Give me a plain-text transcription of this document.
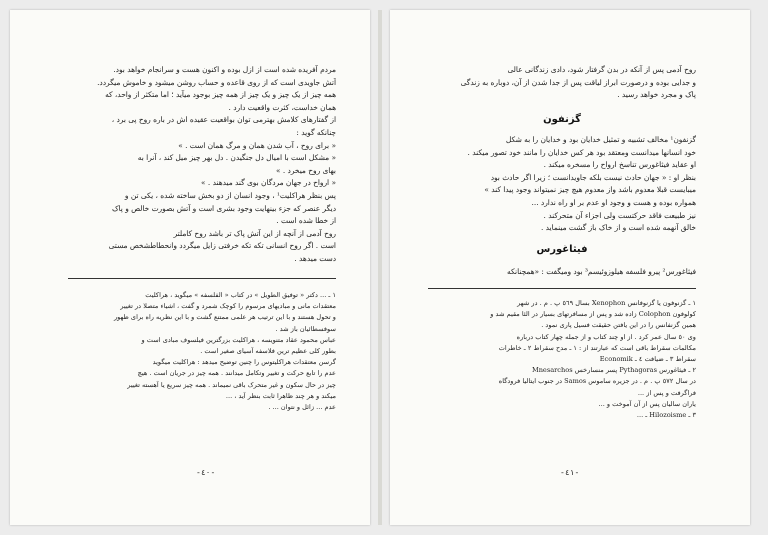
مردم آفریده شده است از ازل بوده و اکنون هست و سرانجام خواهد بود.

آتش جاویدی است که از روی قاعده و حساب روشن میشود و خاموش میگردد.

همه چیز از یک چیز و یک چیز از همه چیز بوجود میآید ؛ اما متکثر از واحد، که

همان خداست، کثرت واقعیت دارد .

از گفتارهای کلامش بهترمی توان بواقعیت عقیده اش در باره روح پی برد ،

چنانکه گوید :

« برای روح ، آب شدن همان و مرگ همان است . »

« مشکل است با امیال دل جنگیدن . دل بهر چیز میل کند ، آنرا به

بهای روح میخرد . »

« ارواح در جهان مردگان بوی گند میدهند . »

پس بنظر هراکلیت¹ ، وجود انسان از دو بخش ساخته شده ، یکی تن و

دیگر عنصر که جزء بینهایت وجود بشری است و آتش بصورت خالص و پاک

از خطا شده است .

روح آدمی از آنچه از این آتش پاک تر باشد روح کاملتر

است . اگر روح انسانی تکه تکه خرفتی زایل میگردد وانحطاطشخص مستی

دست میدهد .

١ ـ ... دکتر « توفیق الطویل » در کتاب « الفلسفه » میگوید ، هراکلیت

معتقدات مانی و مبادیهای مرسوم را کوچک شمرد و گفت ، اشیاء متصلا در تغییر

و تحول هستند و با این ترتیب هر علمی ممتنع گشت و با این نظریه راه برای ظهور

سوفسطائیان باز شد .

عباس محمود عقاد متنویسه ، هراکلیت بزرگترین فیلسوف مبادی است و

بطور کلی عظیم ترین فلاسفه آسیای صغیر است .

گرسن معتقدات هراکلیتوس را چنین توضیح میدهد : هراکلیت میگوید

عدم را تابع حرکت و تغییر وتکامل میدانند . همه چیز در جریان است . هیچ

چیز در حال سکون و غیر متحرک باقی نمیماند . همه چیز سریع یا آهسته تغییر

میکند و هر چند ظاهرا ثابت بنظر آید ، ...

عدم ... زائل و نتوان ... .

-٤٠-

روح آدمی پس از آنکه در بدن گرفتار شود، دادی زندگانی عالی

و جدایی بوده و درصورت ابراز لیاقت پس از جدا شدن از آن، دوباره به زندگی

پاک و مجرد خواهد رسید .

گزنفون

گزنفون¹ مخالف تشبیه و تمثیل خدایان بود و خدایان را به شکل

خود انسانها میدانست ومعتقد بود هر کس خدایان را مانند خود تصور میکند .

او عقاید فیثاغورس تناسخ ارواح را مسخره میکند .

بنظر او : « جهان حادث نیست بلکه جاویدانست ؛ زیرا اگر حادث بود

میبایست قبلا معدوم باشد واز معدوم هیچ چیز نمیتواند وجود پیدا کند »

همواره بوده و هست و وجود او عدم بر او راه ندارد ...

نیز طبیعت فاقد حرکتست ولی اجزاء آن متحرکند .

خالق آنهمه شده است و از خاک باز گشت مینماید .

فیثاغورس

فیثاغورس² پیرو فلسفه هیلوزوئیسم³ بود ومیگفت : «همچنانکه

١ ـ گزنوفون یا گزنوفانس Xenophon بسال ٥٦٩ پ . م . در شهر

کولوفون Colophon زاده شد و پس از مسافرتهای بسیار در الئا مقیم شد و

همین گزنفانس را در این یافتن حقیقت فسیل پاری نمود .

وی ٥٠ سال عمر کرد . از او چند کتاب و از جمله چهار کتاب درباره

مکالمات سقراط باقی است که عبارتند از : ١ ـ مدح سقراط ٢ ـ خاطرات

سقراط ٣ ـ ضیافت ٤ ـ Economik

٢ ـ فیثاغورس Pythagoras پسر منسارخس Mnesarchos

در سال ٥٧٢ پ . م . در جزیره ساموس Samos در جنوب ایتالیا فرودگاه

فراگرفت و پس از ...

یاران سالیان پس از آن آموخت و ...

۳ ـ Hilozoisme ـ ...

-٤١-
